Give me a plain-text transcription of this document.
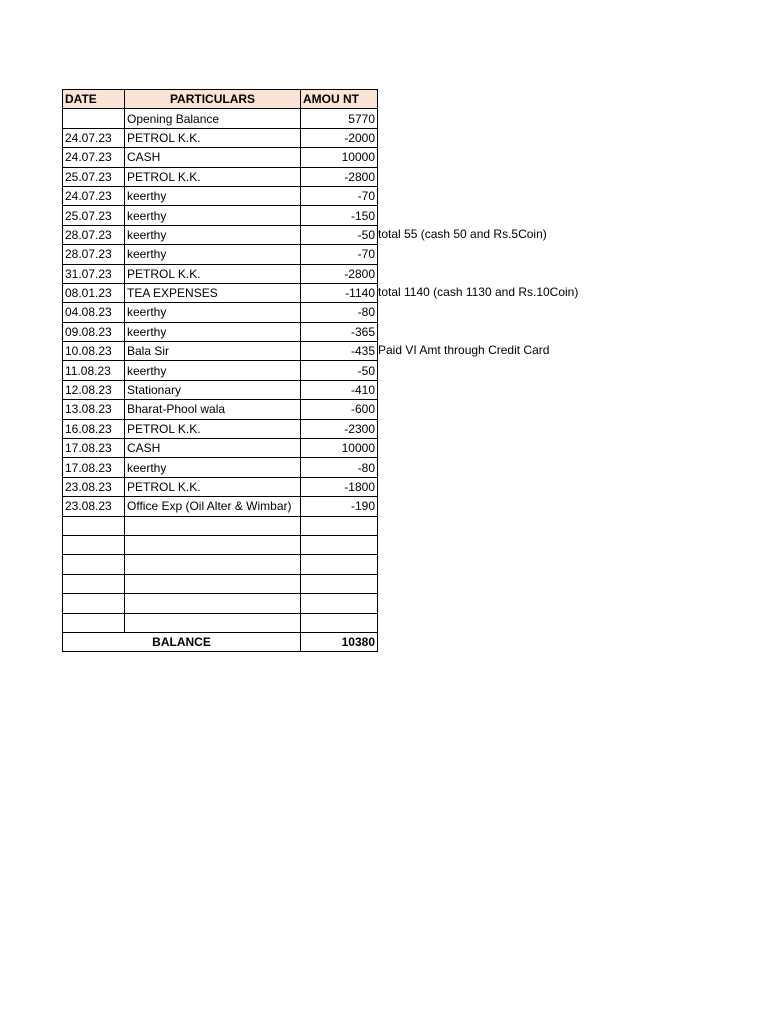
DATE	PARTICULARS	AMOU NT
	Opening Balance	5770
24.07.23	PETROL K.K.	-2000
24.07.23	CASH	10000
25.07.23	PETROL K.K.	-2800
24.07.23	keerthy	-70
25.07.23	keerthy	-150
28.07.23	keerthy	-50
28.07.23	keerthy	-70
31.07.23	PETROL K.K.	-2800
08.01.23	TEA EXPENSES	-1140
04.08.23	keerthy	-80
09.08.23	keerthy	-365
10.08.23	Bala Sir	-435
11.08.23	keerthy	-50
12.08.23	Stationary	-410
13.08.23	Bharat-Phool wala	-600
16.08.23	PETROL K.K.	-2300
17.08.23	CASH	10000
17.08.23	keerthy	-80
23.08.23	PETROL K.K.	-1800
23.08.23	Office Exp (Oil Alter & Wimbar)	-190

BALANCE		10380
total 55 (cash 50 and Rs.5Coin)
total 1140 (cash 1130 and Rs.10Coin)
Paid VI Amt through Credit Card
